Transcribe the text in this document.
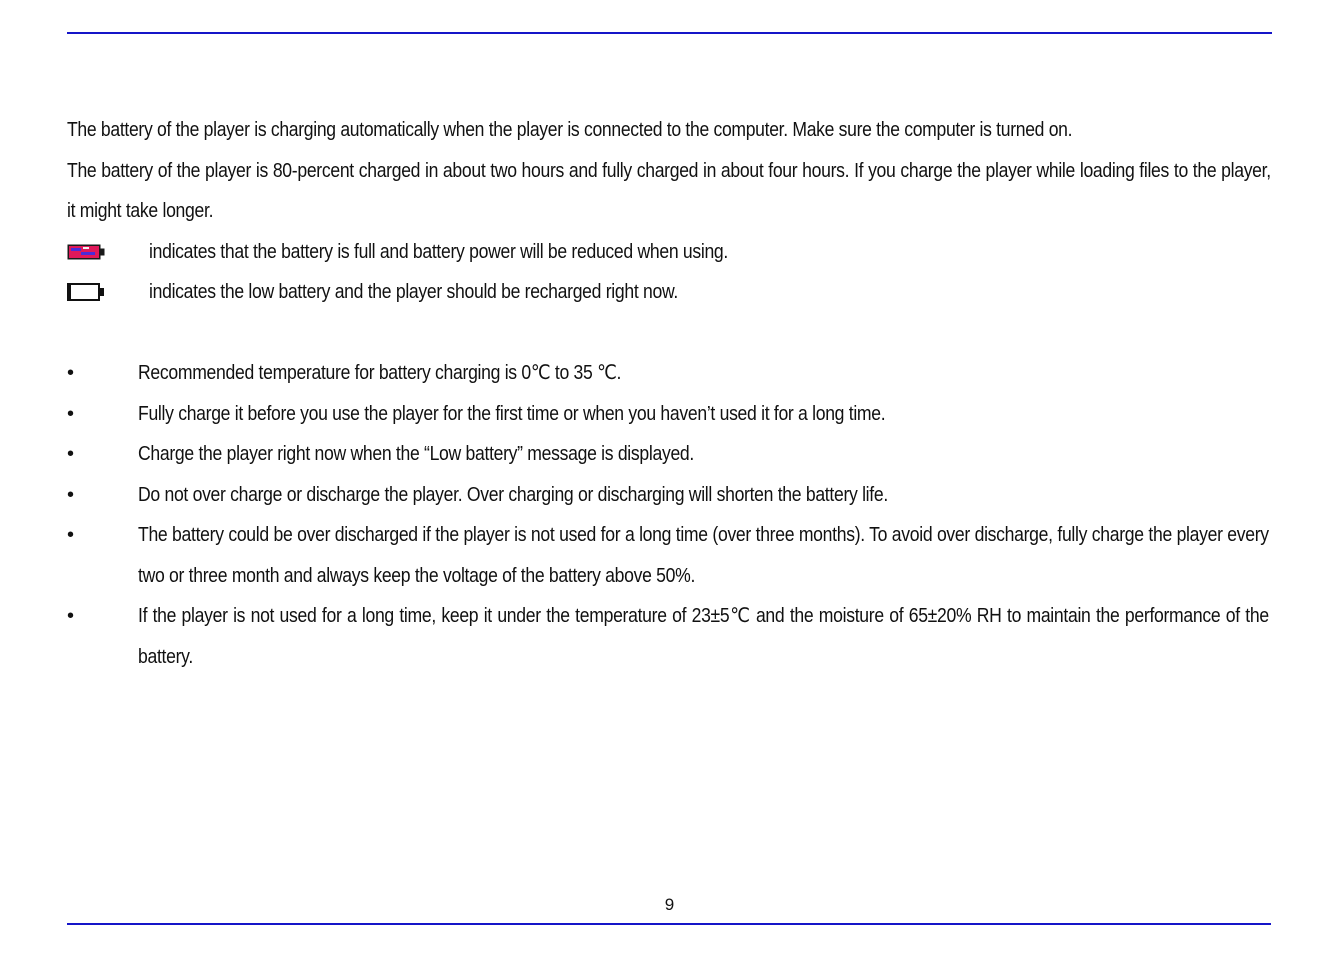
The battery of the player is charging automatically when the player is connected to the computer. Make sure the computer is turned on.

The battery of the player is 80-percent charged in about two hours and fully charged in about four hours. If you charge the player while loading files to the player, it might take longer.

indicates that the battery is full and battery power will be reduced when using.
indicates the low battery and the player should be recharged right now.
•	Recommended temperature for battery charging is 0℃ to 35 ℃.
•	Fully charge it before you use the player for the first time or when you haven’t used it for a long time.
•	Charge the player right now when the “Low battery” message is displayed.
•	Do not over charge or discharge the player. Over charging or discharging will shorten the battery life.
•	The battery could be over discharged if the player is not used for a long time (over three months). To avoid over discharge, fully charge the player every two or three month and always keep the voltage of the battery above 50%.
•	If the player is not used for a long time, keep it under the temperature of 23±5℃ and the moisture of 65±20% RH to maintain the performance of the battery.
9
